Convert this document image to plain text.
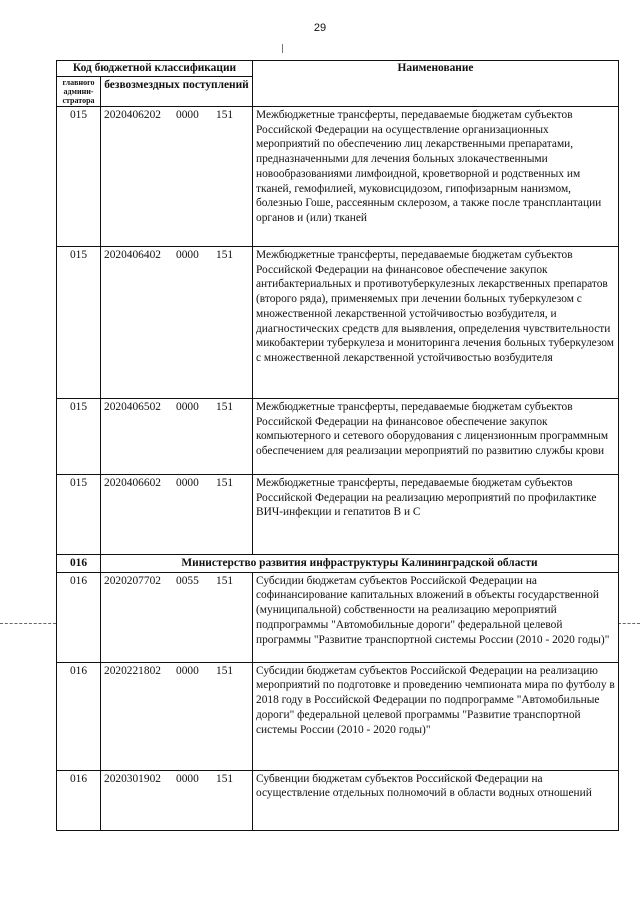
29
Код бюджетной классификации		Наименование
главного админи-стратора	безвозмездных поступлений	
015	2020406202 0000 151	Межбюджетные трансферты, передаваемые бюджетам субъектов Российской Федерации на осуществление организационных мероприятий по обеспечению лиц лекарственными препаратами, предназначенными для лечения больных злокачественными новообразованиями лимфоидной, кроветворной и родственных им тканей, гемофилией, муковисцидозом, гипофизарным нанизмом, болезнью Гоше, рассеянным склерозом, а также после трансплантации органов и (или) тканей
015	2020406402 0000 151	Межбюджетные трансферты, передаваемые бюджетам субъектов Российской Федерации на финансовое обеспечение закупок антибактериальных и противотуберкулезных лекарственных препаратов (второго ряда), применяемых при лечении больных туберкулезом с множественной лекарственной устойчивостью возбудителя, и диагностических средств для выявления, определения чувствительности микобактерии туберкулеза и мониторинга лечения больных туберкулезом с множественной лекарственной устойчивостью возбудителя
015	2020406502 0000 151	Межбюджетные трансферты, передаваемые бюджетам субъектов Российской Федерации на финансовое обеспечение закупок компьютерного и сетевого оборудования с лицензионным программным обеспечением для реализации мероприятий по развитию службы крови
015	2020406602 0000 151	Межбюджетные трансферты, передаваемые бюджетам субъектов Российской Федерации на реализацию мероприятий по профилактике ВИЧ-инфекции и гепатитов В и С
016	Министерство развития инфраструктуры Калининградской области	
016	2020207702 0055 151	Субсидии бюджетам субъектов Российской Федерации на софинансирование капитальных вложений в объекты государственной (муниципальной) собственности на реализацию мероприятий подпрограммы "Автомобильные дороги" федеральной целевой программы "Развитие транспортной системы России (2010 - 2020 годы)"
016	2020221802 0000 151	Субсидии бюджетам субъектов Российской Федерации на реализацию мероприятий по подготовке и проведению чемпионата мира по футболу в 2018 году в Российской Федерации по подпрограмме "Автомобильные дороги" федеральной целевой программы "Развитие транспортной системы России (2010 - 2020 годы)"
016	2020301902 0000 151	Субвенции бюджетам субъектов Российской Федерации на осуществление отдельных полномочий в области водных отношений
